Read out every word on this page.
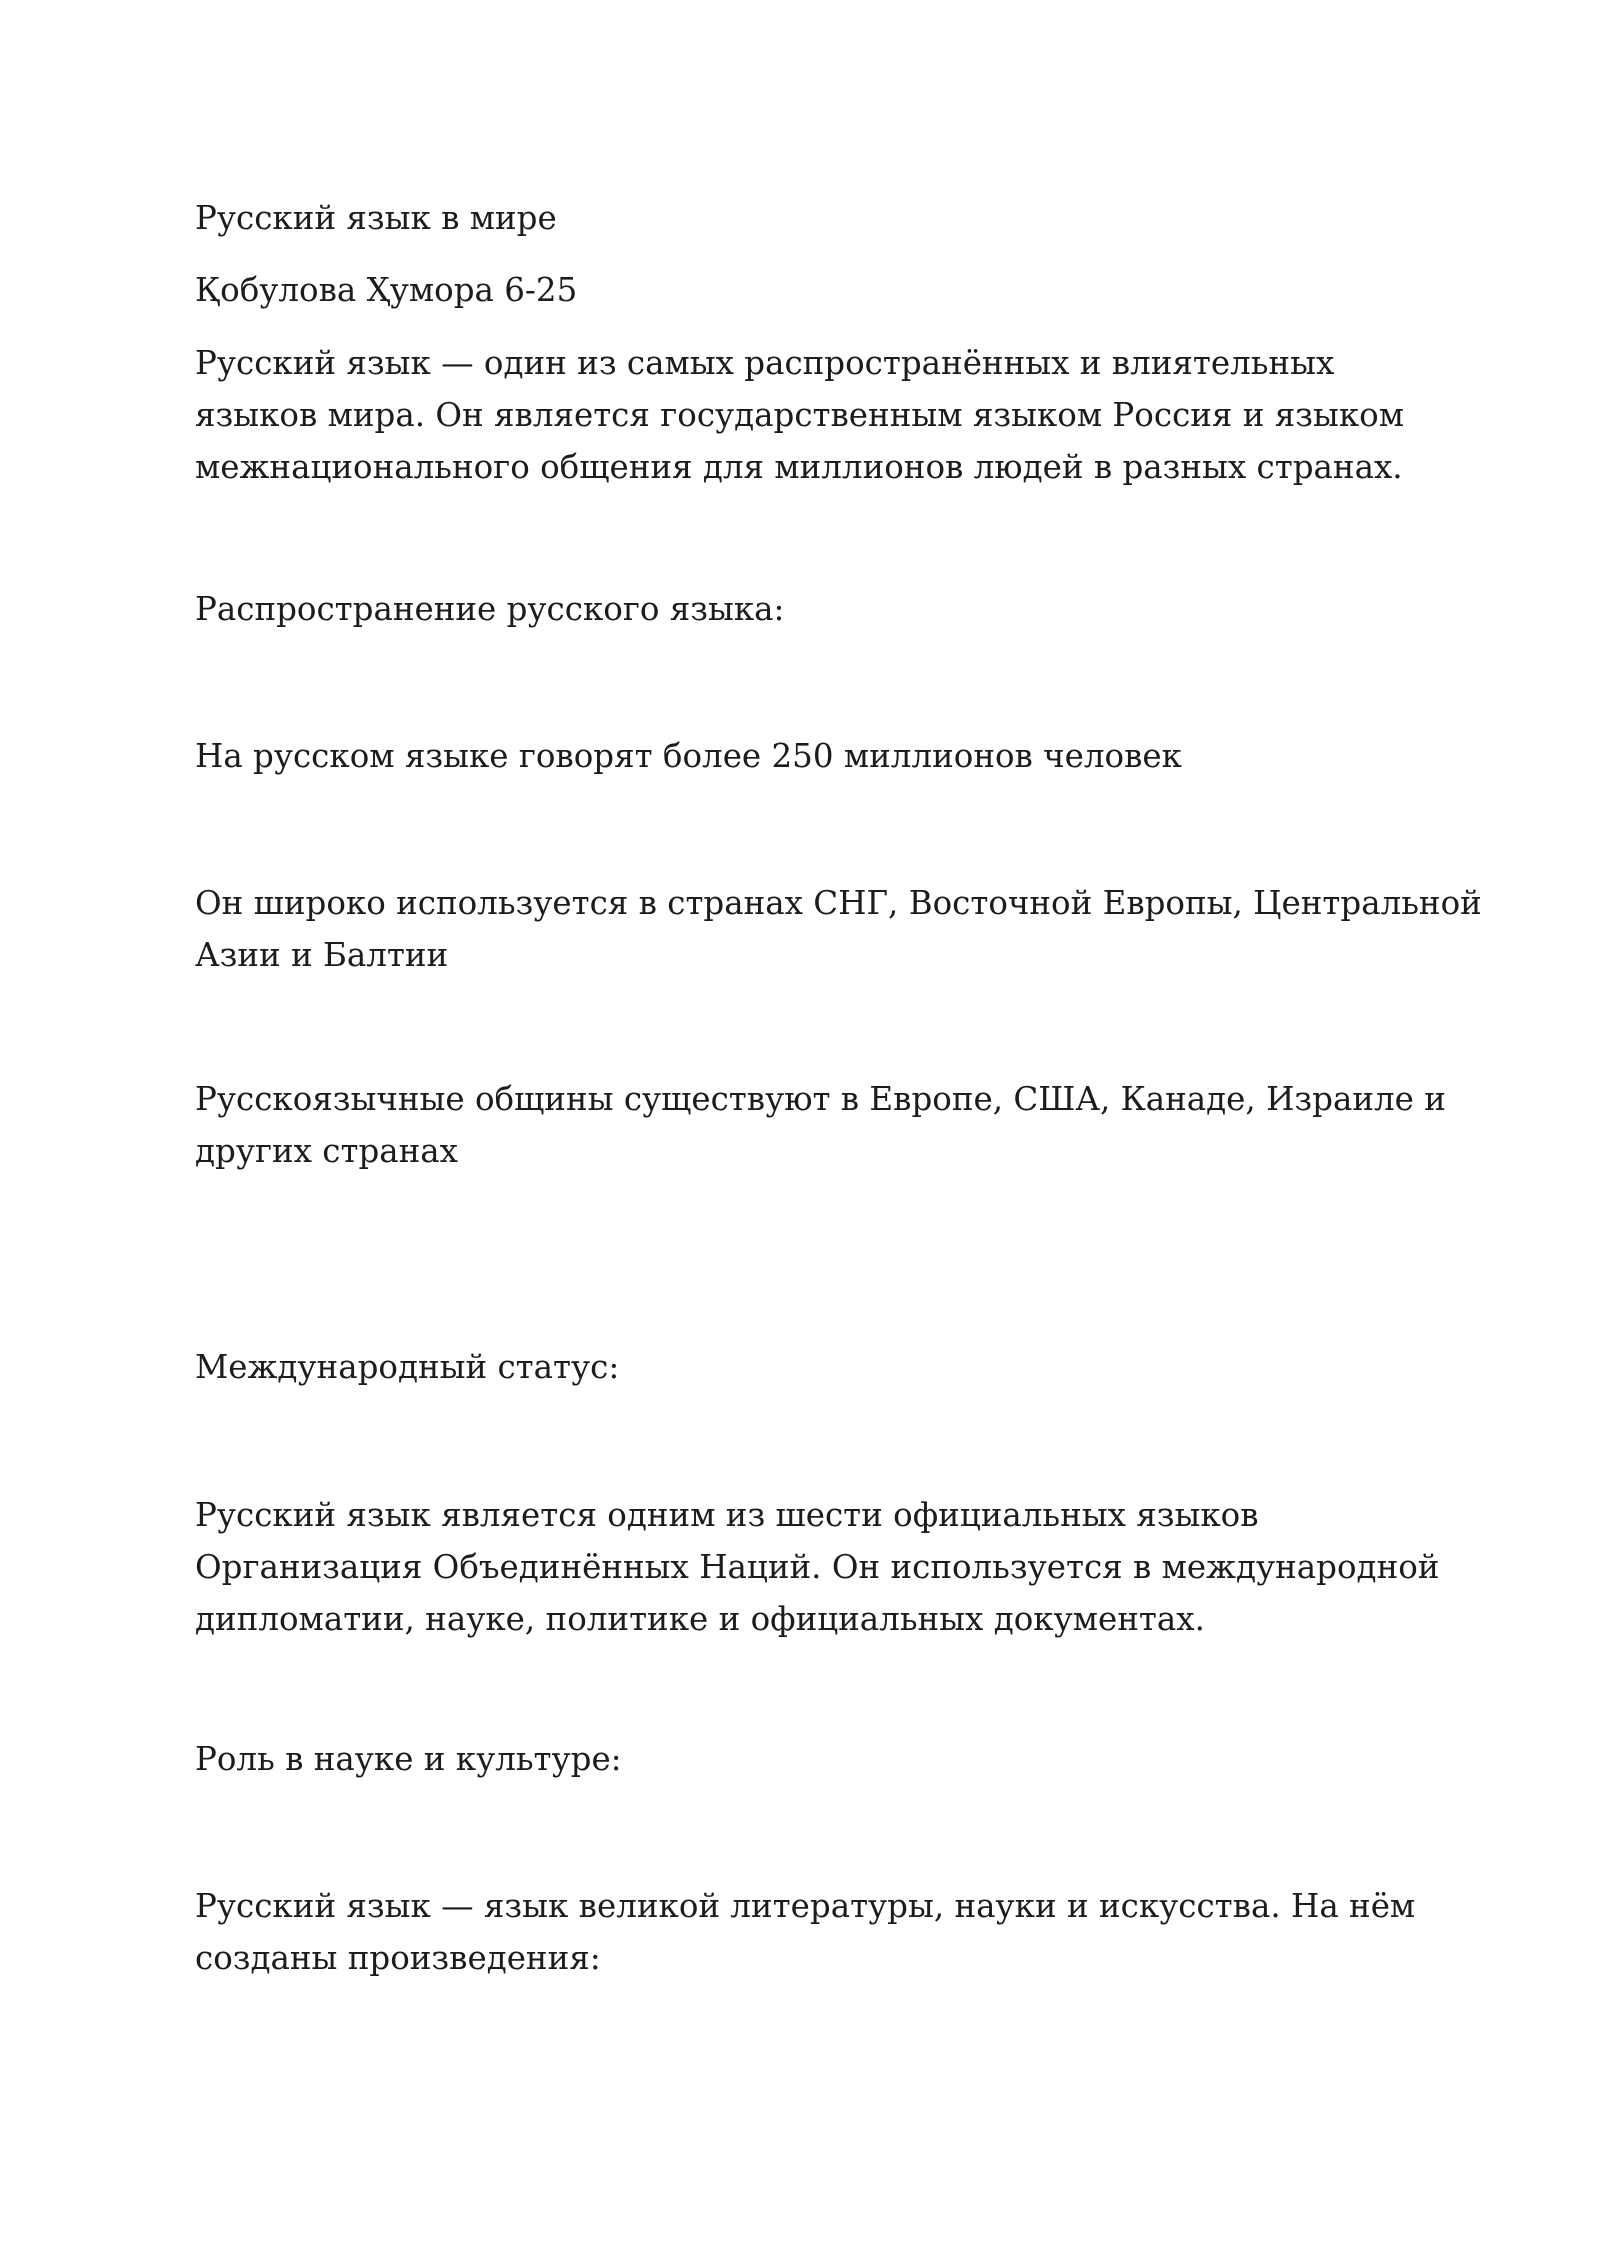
Русский язык в мире

Қобулова Ҳумора 6-25

Русский язык — один из самых распространённых и влиятельных
языков мира. Он является государственным языком Россия и языком
межнационального общения для миллионов людей в разных странах.

Распространение русского языка:

На русском языке говорят более 250 миллионов человек

Он широко используется в странах СНГ, Восточной Европы, Центральной
Азии и Балтии

Русскоязычные общины существуют в Европе, США, Канаде, Израиле и
других странах

Международный статус:

Русский язык является одним из шести официальных языков
Организация Объединённых Наций. Он используется в международной
дипломатии, науке, политике и официальных документах.

Роль в науке и культуре:

Русский язык — язык великой литературы, науки и искусства. На нём
созданы произведения:
